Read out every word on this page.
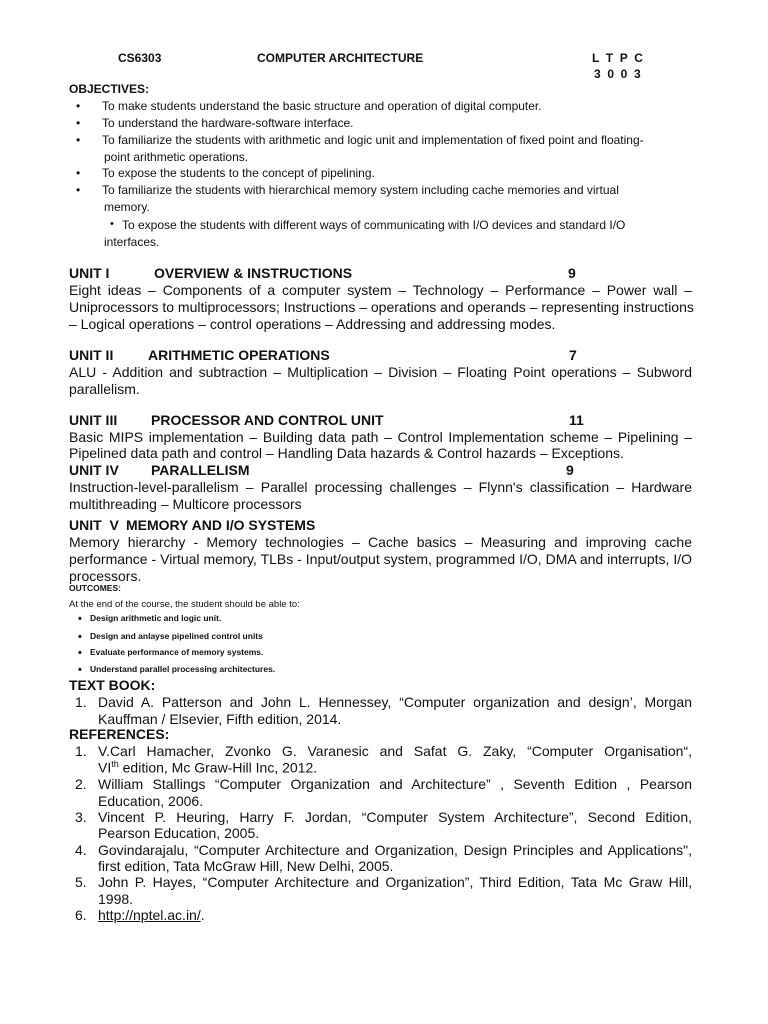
CS6303	COMPUTER ARCHITECTURE	L  T  P  C
3  0  0  3
OBJECTIVES:
• To make students understand the basic structure and operation of digital computer.
• To understand the hardware-software interface.
• To familiarize the students with arithmetic and logic unit and implementation of fixed point and floating-
point arithmetic operations.
• To expose the students to the concept of pipelining.
• To familiarize the students with hierarchical memory system including cache memories and virtual
memory.
• To expose the students with different ways of communicating with I/O devices and standard I/O
interfaces.
UNIT I	OVERVIEW & INSTRUCTIONS	9
Eight ideas – Components of a computer system – Technology – Performance – Power wall –
Uniprocessors to multiprocessors; Instructions – operations and operands – representing instructions
– Logical operations – control operations – Addressing and addressing modes.
UNIT II ARITHMETIC OPERATIONS	7
ALU - Addition and subtraction – Multiplication – Division – Floating Point operations – Subword
parallelism.
UNIT III PROCESSOR AND CONTROL UNIT	11
Basic MIPS implementation – Building data path – Control Implementation scheme – Pipelining –
Pipelined data path and control – Handling Data hazards & Control hazards – Exceptions.
UNIT IV PARALLELISM	9
Instruction-level-parallelism – Parallel processing challenges – Flynn's classification – Hardware
multithreading – Multicore processors
UNIT  V MEMORY AND I/O SYSTEMS
Memory hierarchy - Memory technologies – Cache basics – Measuring and improving cache
performance - Virtual memory, TLBs - Input/output system, programmed I/O, DMA and interrupts, I/O
processors.
OUTCOMES:
At the end of the course, the student should be able to:
• Design arithmetic and logic unit.
• Design and anlayse pipelined control units
• Evaluate performance of memory systems.
• Understand parallel processing architectures.
TEXT BOOK:
David A. Patterson and John L. Hennessey, “Computer organization and design’, Morgan
1.
Kauffman / Elsevier, Fifth edition, 2014.
REFERENCES:
1. V.Carl Hamacher, Zvonko G. Varanesic and Safat G. Zaky, “Computer Organisation“,
VIth edition, Mc Graw-Hill Inc, 2012.
2. William Stallings “Computer Organization and Architecture” , Seventh Edition , Pearson
Education, 2006.
3. Vincent P. Heuring, Harry F. Jordan, “Computer System Architecture”, Second Edition,
Pearson Education, 2005.
4. Govindarajalu, “Computer Architecture and Organization, Design Principles and Applications",
first edition, Tata McGraw Hill, New Delhi, 2005.
5. John P. Hayes, “Computer Architecture and Organization”, Third Edition, Tata Mc Graw Hill,
1998.
6. http://nptel.ac.in/.
